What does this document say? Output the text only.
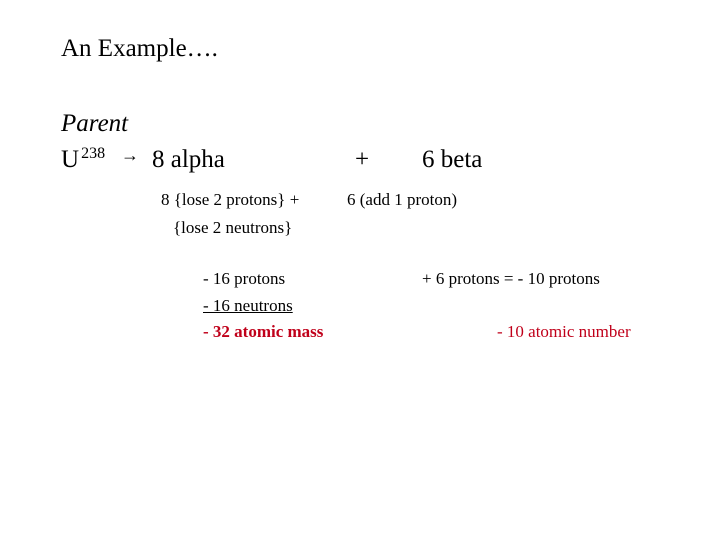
An Example….
Parent
U $^{238}$ → 8 alpha	+ 6 beta
8 {lose 2 protons} +
{lose 2 neutrons}
6 (add 1 proton)
- 16 protons
- 16 neutrons
- 32 atomic mass
+ 6 protons = - 10 protons
- 10 atomic number
